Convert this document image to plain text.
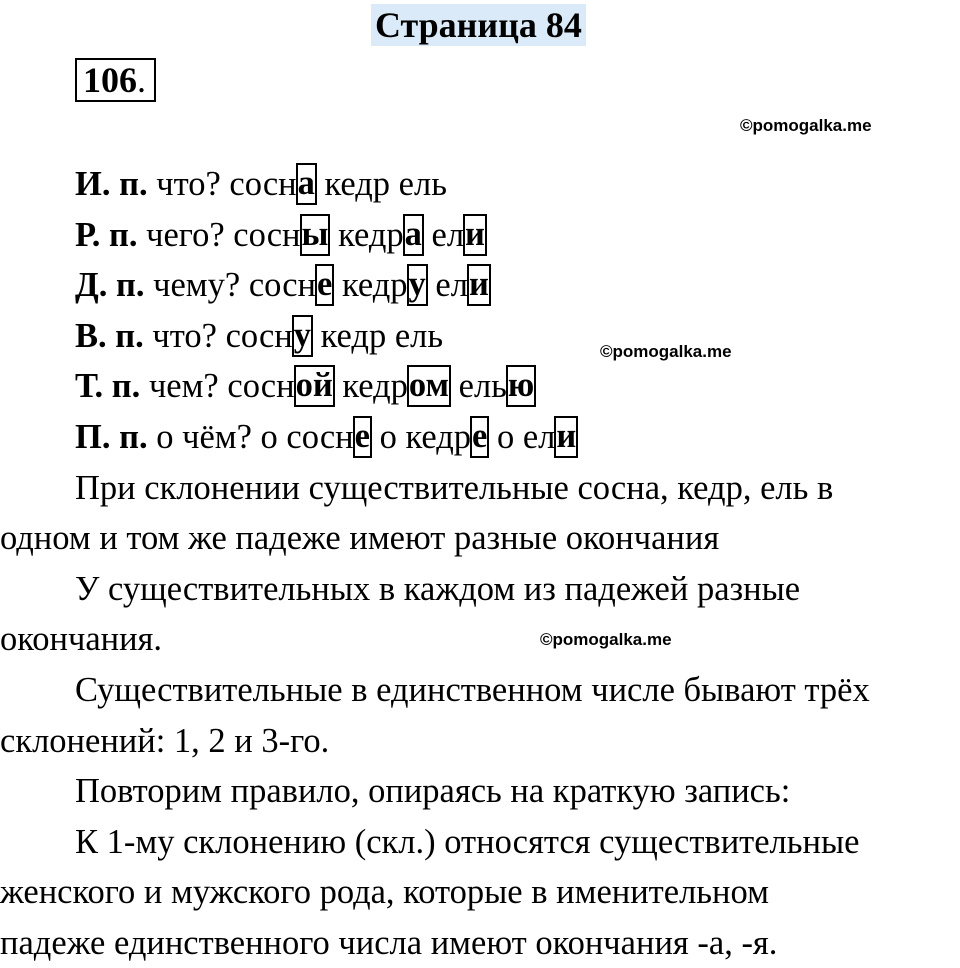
Страница 84
106.
©pomogalka.me
©pomogalka.me
©pomogalka.me
И. п. что? сосна кедр ель
Р. п. чего? сосны кедра ели
Д. п. чему? сосне кедру ели
В. п. что? сосну кедр ель
Т. п. чем? сосной кедром елью
П. п. о чём? о сосне о кедре о ели
При склонении существительные сосна, кедр, ель в
одном и том же падеже имеют разные окончания
У существительных в каждом из падежей разные
окончания.
Существительные в единственном числе бывают трёх
склонений: 1, 2 и 3-го.
Повторим правило, опираясь на краткую запись:
К 1-му склонению (скл.) относятся существительные
женского и мужского рода, которые в именительном
падеже единственного числа имеют окончания -а, -я.
